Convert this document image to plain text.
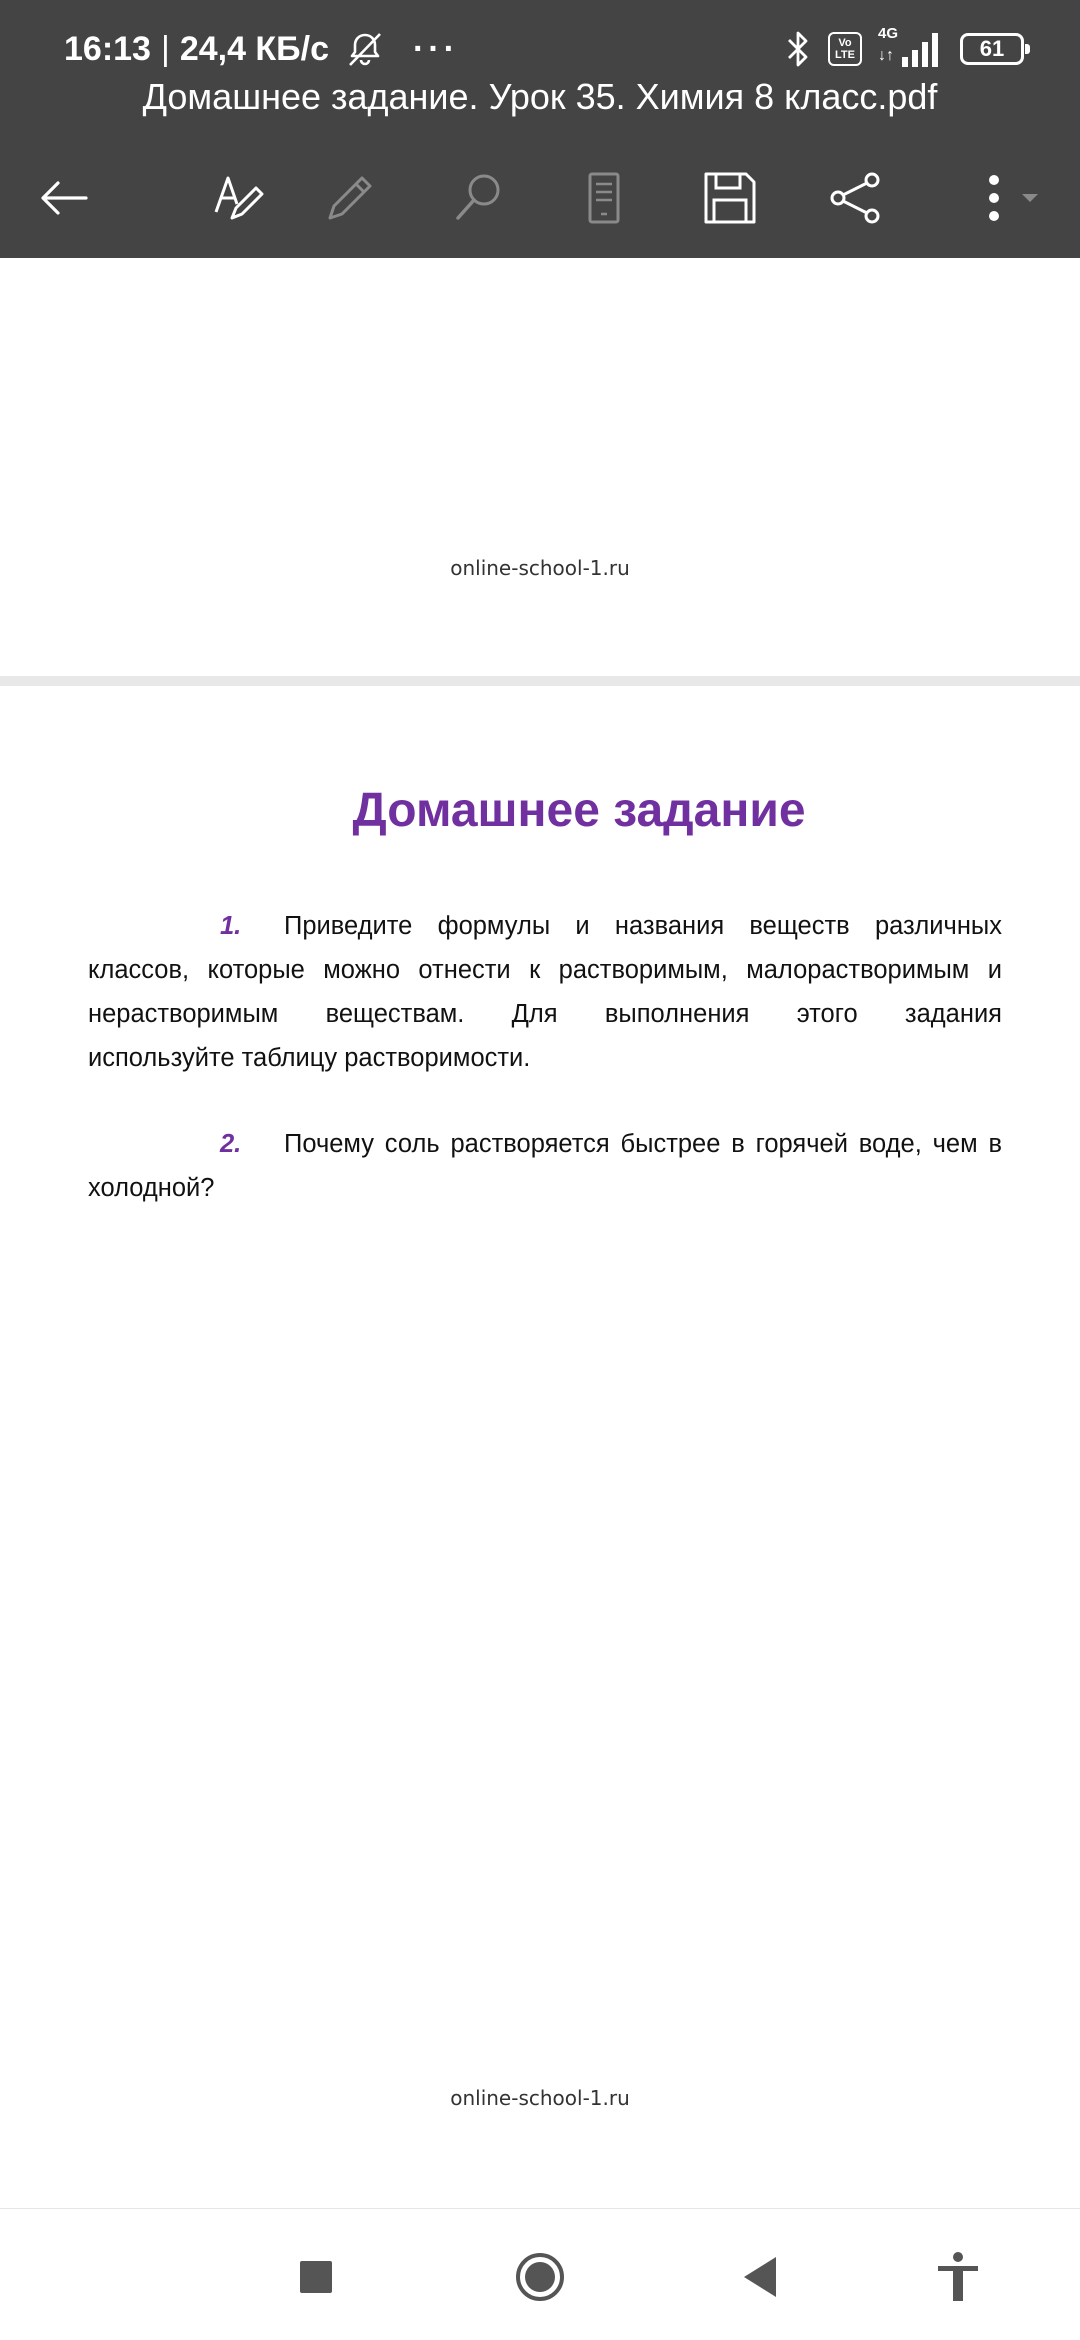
16:13 | 24,4 КБ/с ···	Vo
LTE
4G
↓↑	61
Домашнее задание. Урок 35. Химия 8 класс.pdf
online-school-1.ru
Домашнее задание
1. Приведите формулы и названия веществ различных
классов, которые можно отнести к растворимым, малорастворимым и
нерастворимым веществам. Для выполнения этого задания
используйте таблицу растворимости.
2. Почему соль растворяется быстрее в горячей воде, чем в
холодной?
online-school-1.ru
